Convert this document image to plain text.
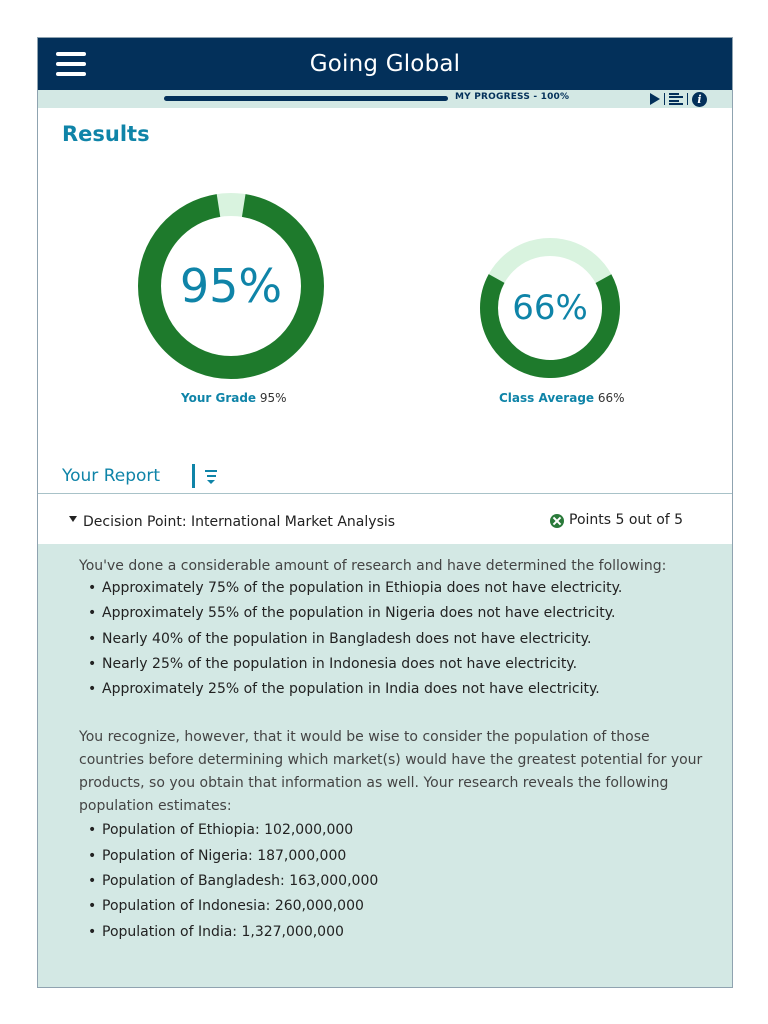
Going Global
MY PROGRESS - 100%	i
Results
95%	66%
Your Grade 95%	Class Average 66%
Your Report
Decision Point: International Market Analysis	Points 5 out of 5

You've done a considerable amount of research and have determined the following:

• Approximately 75% of the population in Ethiopia does not have electricity.
• Approximately 55% of the population in Nigeria does not have electricity.
• Nearly 40% of the population in Bangladesh does not have electricity.
• Nearly 25% of the population in Indonesia does not have electricity.
• Approximately 25% of the population in India does not have electricity.

You recognize, however, that it would be wise to consider the population of those countries before determining which market(s) would have the greatest potential for your products, so you obtain that information as well. Your research reveals the following population estimates:

• Population of Ethiopia: 102,000,000
• Population of Nigeria: 187,000,000
• Population of Bangladesh: 163,000,000
• Population of Indonesia: 260,000,000
• Population of India: 1,327,000,000
